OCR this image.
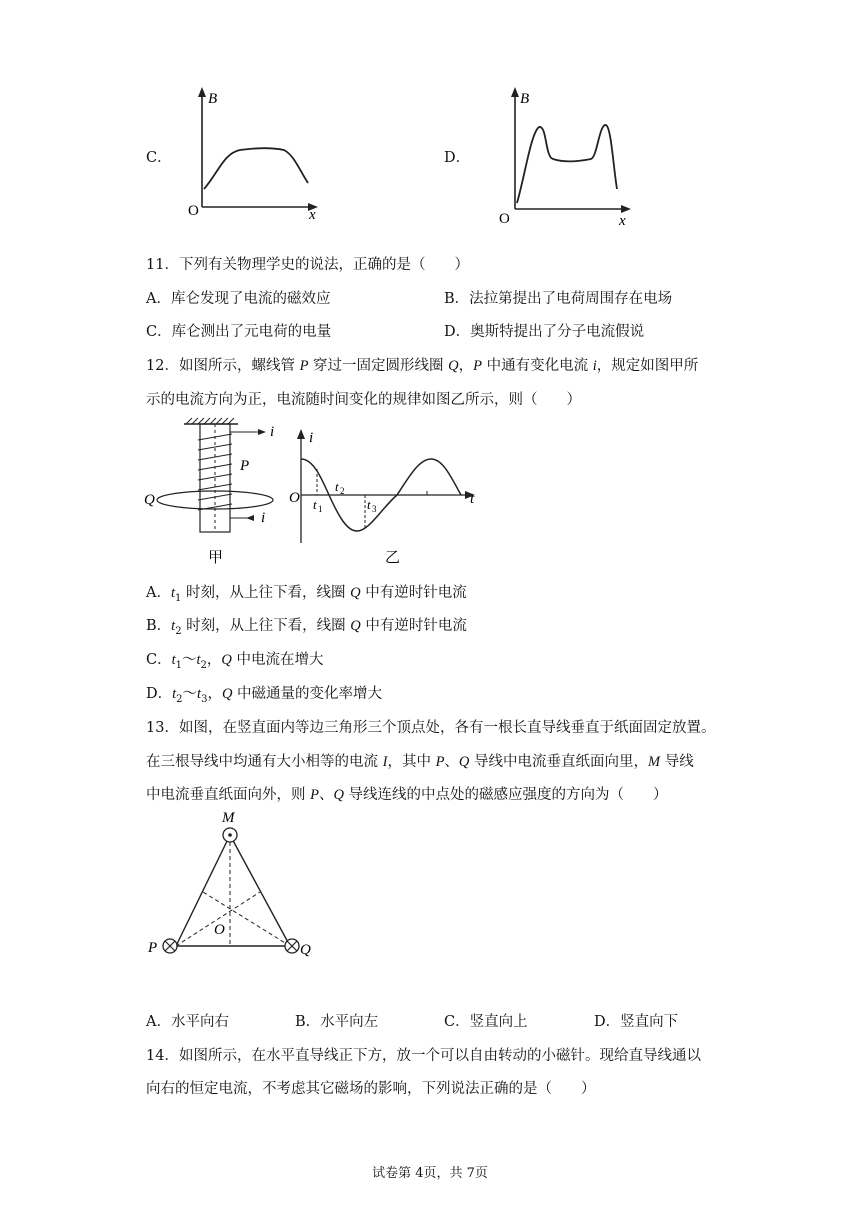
C．
B
x
O
D．
B
x
O
11．下列有关物理学史的说法，正确的是（　　）
A．库仑发现了电流的磁效应	B．法拉第提出了电荷周围存在电场
C．库仑测出了元电荷的电量	D．奥斯特提出了分子电流假说
12．如图所示，螺线管 P 穿过一固定圆形线圈 Q，P 中通有变化电流 i，规定如图甲所
示的电流方向为正，电流随时间变化的规律如图乙所示，则（　　）
i
i
P
Q
甲
i
O	t
t 1
t 2
t 3
乙
A．$t_1$ 时刻，从上往下看，线圈 Q 中有逆时针电流
B．$t_2$ 时刻，从上往下看，线圈 Q 中有逆时针电流
C．$t_1\sim t_2$，Q 中电流在增大
D．$t_2\sim t_3$，Q 中磁通量的变化率增大
13．如图，在竖直面内等边三角形三个顶点处，各有一根长直导线垂直于纸面固定放置。
在三根导线中均通有大小相等的电流 I，其中 P、Q 导线中电流垂直纸面向里，M 导线
中电流垂直纸面向外，则 P、Q 导线连线的中点处的磁感应强度的方向为（　　）
M
P	Q
O
A．水平向右	B．水平向左	C．竖直向上	D．竖直向下
14．如图所示，在水平直导线正下方，放一个可以自由转动的小磁针。现给直导线通以
向右的恒定电流，不考虑其它磁场的影响，下列说法正确的是（　　）
试卷第 4页，共 7页
